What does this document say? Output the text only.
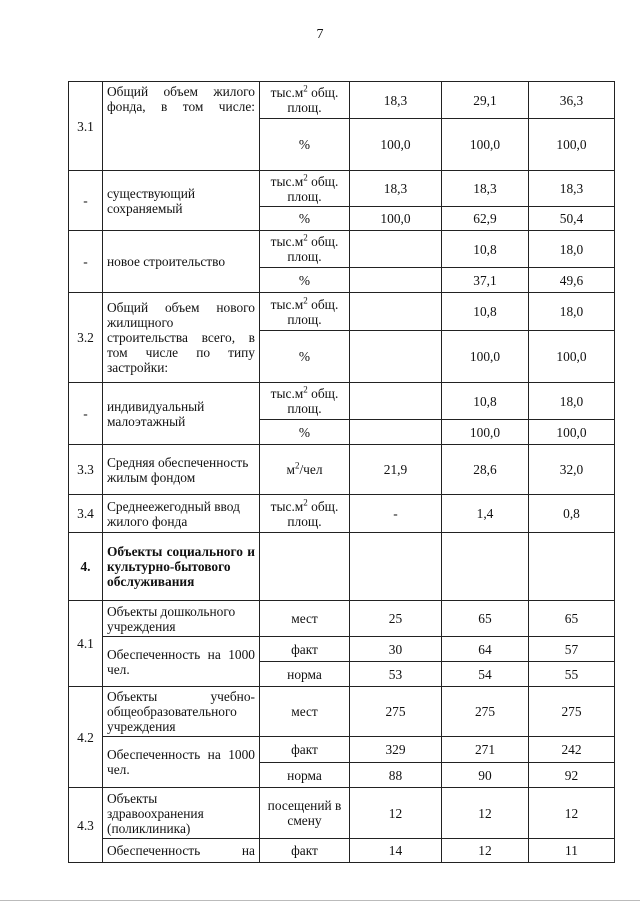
7
3.1	Общий объем жилого фонда, в том числе:	$тыс.м^2$ общ. площ.	18,3	29,1	36,3
		%	100,0	100,0	100,0
-	существующий сохраняемый	$тыс.м^2$ общ. площ.	18,3	18,3	18,3
		%	100,0	62,9	50,4
-	новое строительство	$тыс.м^2$ общ. площ.		10,8	18,0
		%		37,1	49,6
3.2	Общий объем нового жилищного строительства всего, в том числе по типу застройки:	$тыс.м^2$ общ. площ.		10,8	18,0
		%		100,0	100,0
-	индивидуальный малоэтажный	$тыс.м^2$ общ. площ.		10,8	18,0
		%		100,0	100,0
3.3	Средняя обеспеченность жилым фондом	$м^2$/чел	21,9	28,6	32,0
3.4	Среднеежегодный ввод жилого фонда	$тыс.м^2$ общ. площ.	-	1,4	0,8
4.	Объекты социального и культурно-бытового обслуживания				
4.1	Объекты дошкольного учреждения	мест	25	65	65
	Обеспеченность на 1000 чел.	факт	30	64	57
		норма	53	54	55
4.2	Объекты учебно-общеобразовательного учреждения	мест	275	275	275
	Обеспеченность на 1000 чел.	факт	329	271	242
		норма	88	90	92
4.3	Объекты здравоохранения (поликлиника)	посещений в смену	12	12	12
	Обеспеченность на	факт	14	12	11
